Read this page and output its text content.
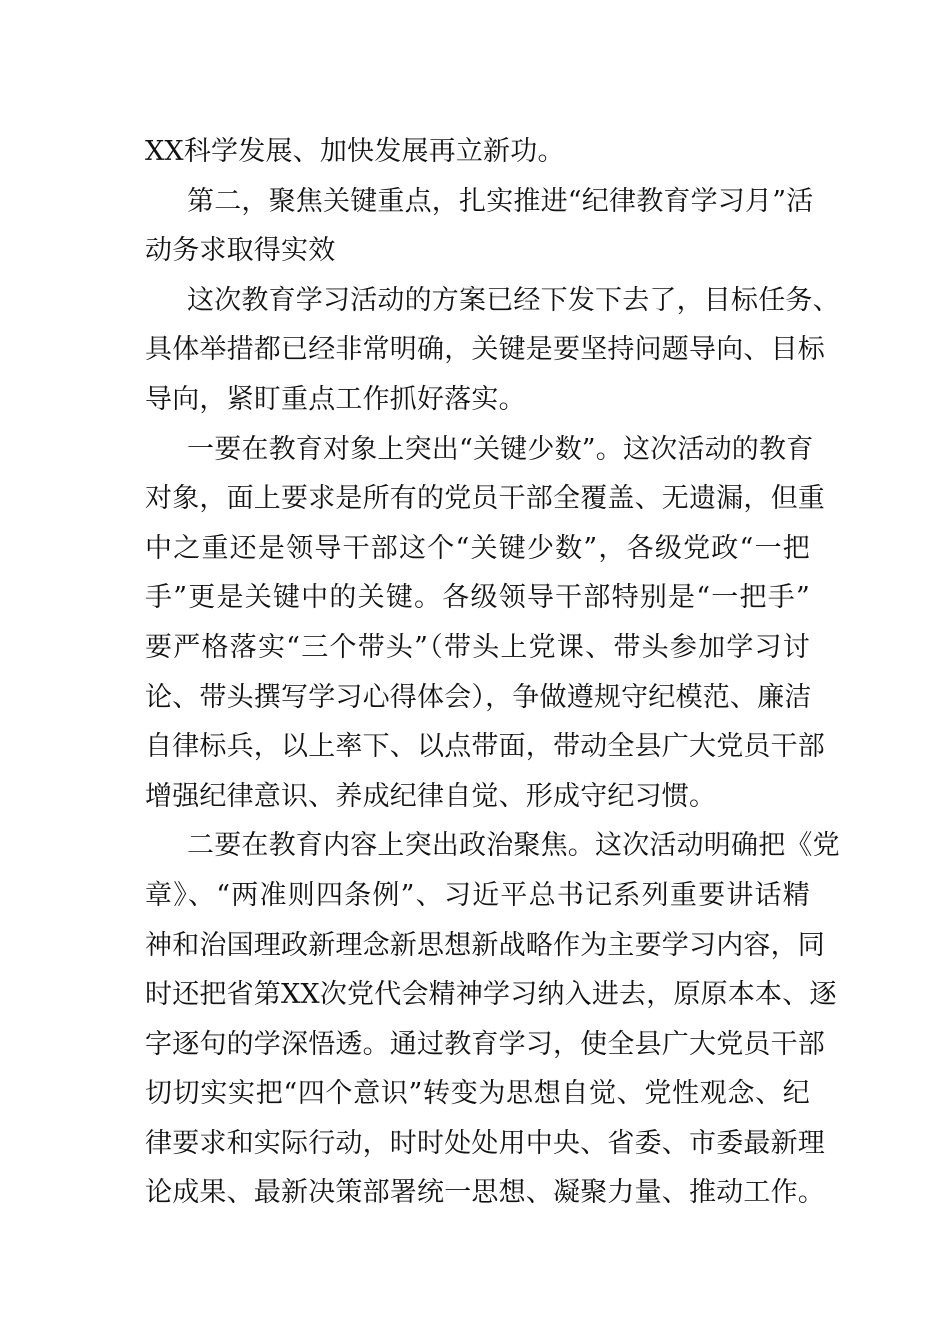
XX科学发展、加快发展再立新功。
第二，聚焦关键重点，扎实推进“纪律教育学习月”活
动务求取得实效
这次教育学习活动的方案已经下发下去了，目标任务、
具体举措都已经非常明确，关键是要坚持问题导向、目标
导向，紧盯重点工作抓好落实。
一要在教育对象上突出“关键少数”。这次活动的教育
对象，面上要求是所有的党员干部全覆盖、无遗漏，但重
中之重还是领导干部这个“关键少数”，各级党政“一把
手”更是关键中的关键。各级领导干部特别是“一把手”
要严格落实“三个带头”（带头上党课、带头参加学习讨
论、带头撰写学习心得体会），争做遵规守纪模范、廉洁
自律标兵，以上率下、以点带面，带动全县广大党员干部
增强纪律意识、养成纪律自觉、形成守纪习惯。
二要在教育内容上突出政治聚焦。这次活动明确把《党
章》、“两准则四条例”、习近平总书记系列重要讲话精
神和治国理政新理念新思想新战略作为主要学习内容，同
时还把省第XX次党代会精神学习纳入进去，原原本本、逐
字逐句的学深悟透。通过教育学习，使全县广大党员干部
切切实实把“四个意识”转变为思想自觉、党性观念、纪
律要求和实际行动，时时处处用中央、省委、市委最新理
论成果、最新决策部署统一思想、凝聚力量、推动工作。
